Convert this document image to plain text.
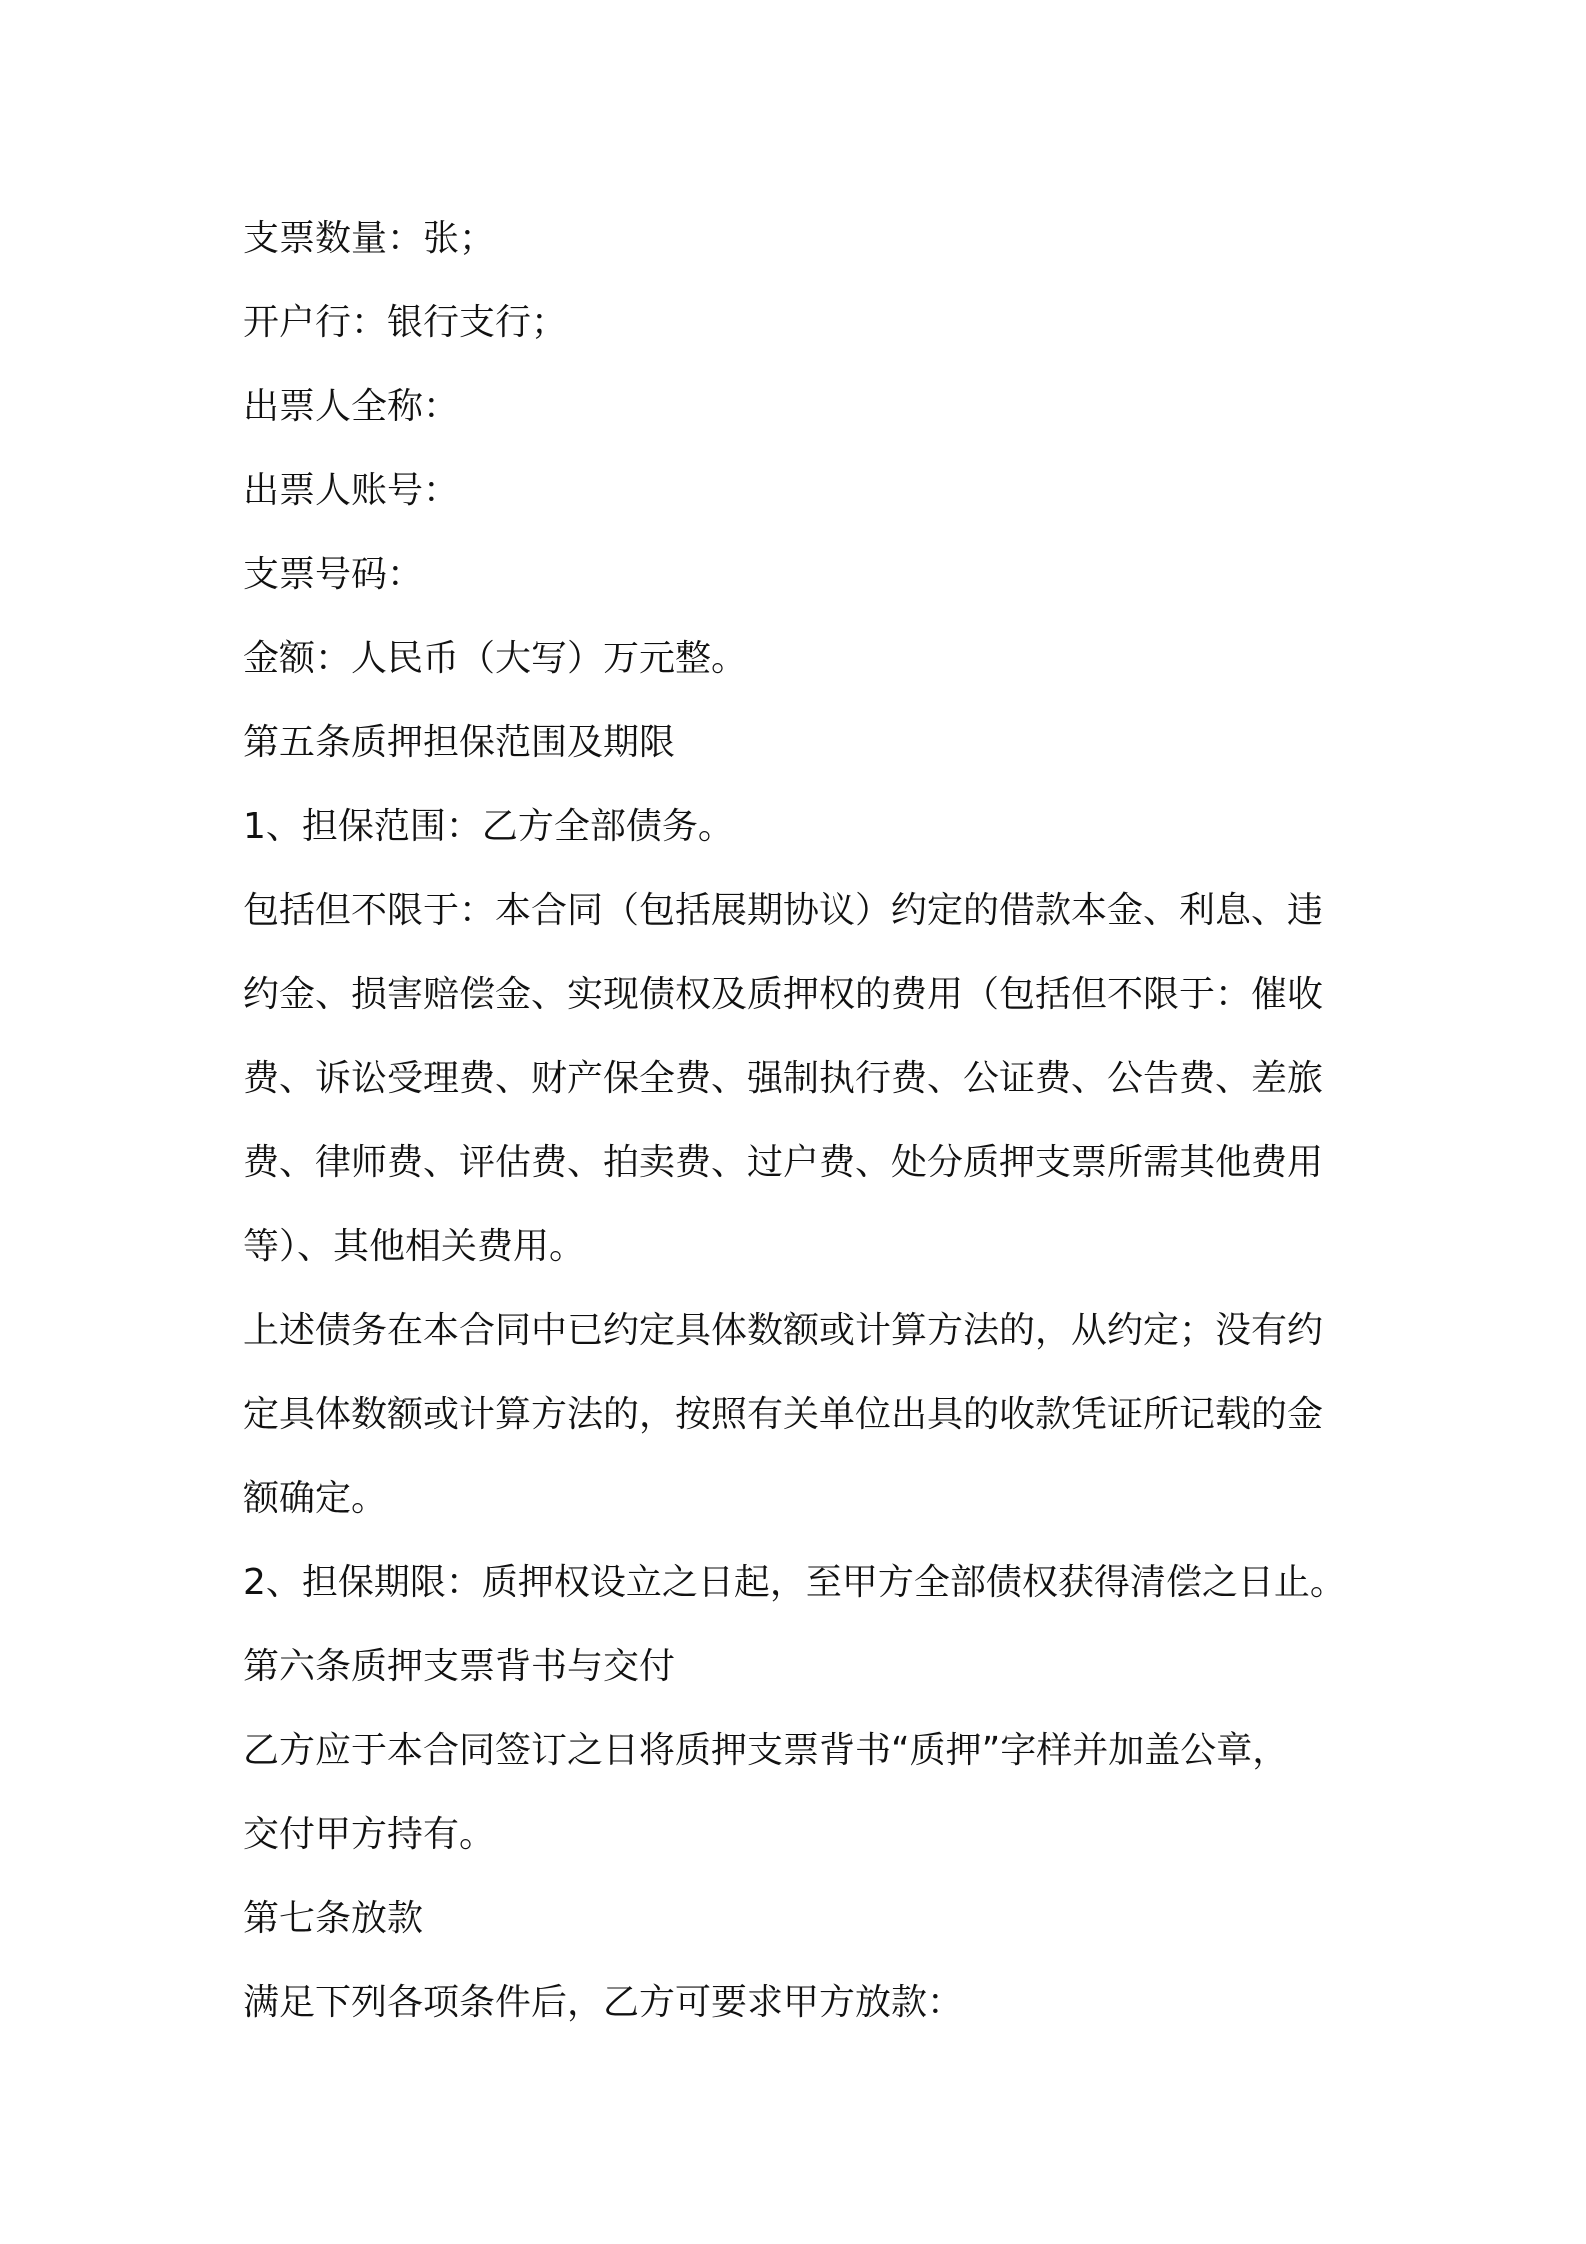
支票数量：张；
开户行：银行支行；
出票人全称：
出票人账号：
支票号码：
金额：人民币（大写）万元整。
第五条质押担保范围及期限
1、担保范围：乙方全部债务。
包括但不限于：本合同（包括展期协议）约定的借款本金、利息、违
约金、损害赔偿金、实现债权及质押权的费用（包括但不限于：催收
费、诉讼受理费、财产保全费、强制执行费、公证费、公告费、差旅
费、律师费、评估费、拍卖费、过户费、处分质押支票所需其他费用
等）、其他相关费用。
上述债务在本合同中已约定具体数额或计算方法的，从约定；没有约
定具体数额或计算方法的，按照有关单位出具的收款凭证所记载的金
额确定。
2、担保期限：质押权设立之日起，至甲方全部债权获得清偿之日止。
第六条质押支票背书与交付
乙方应于本合同签订之日将质押支票背书“质押”字样并加盖公章，
交付甲方持有。
第七条放款
满足下列各项条件后，乙方可要求甲方放款：
